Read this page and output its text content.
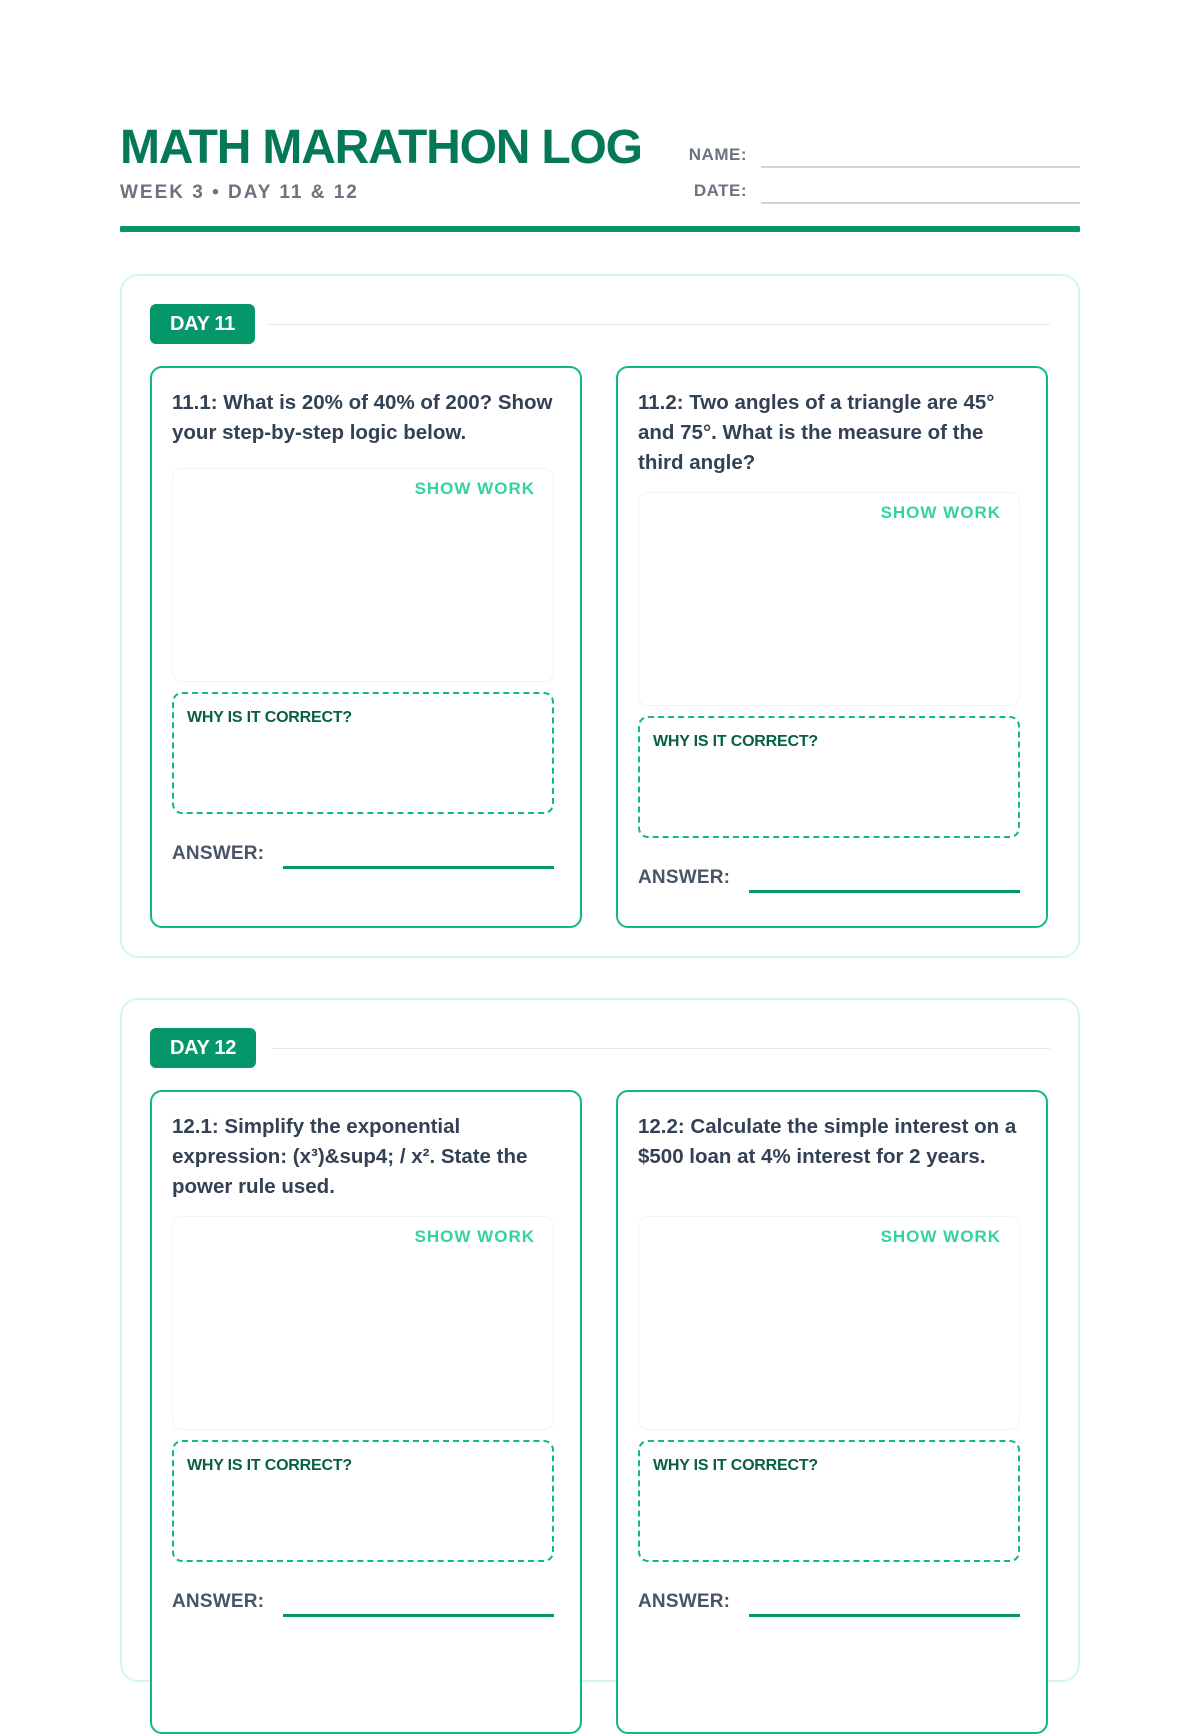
MATH MARATHON LOG
WEEK 3 • DAY 11 & 12
NAME:
DATE:
DAY 11
11.1: What is 20% of 40% of 200? Show your step-by-step logic below.
SHOW WORK
WHY IS IT CORRECT?
ANSWER:
11.2: Two angles of a triangle are 45° and 75°. What is the measure of the third angle?
SHOW WORK
WHY IS IT CORRECT?
ANSWER:
DAY 12
12.1: Simplify the exponential expression: (x³)&sup4; / x². State the power rule used.
SHOW WORK
WHY IS IT CORRECT?
ANSWER:
12.2: Calculate the simple interest on a $500 loan at 4% interest for 2 years.
SHOW WORK
WHY IS IT CORRECT?
ANSWER:
